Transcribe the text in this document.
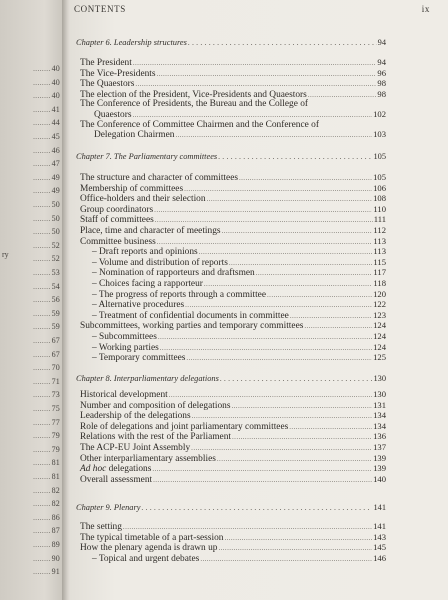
........ 40
........ 40
........ 40
........ 41
........ 44
........ 45
........ 46
........ 47
........ 49
........ 49
........ 50
........ 50
........ 50
........ 52
........ 52
........ 53
........ 54
........ 56
........ 59
........ 59
........ 67
........ 67
........ 70
........ 71
........ 73
........ 75
........ 77
........ 79
........ 79
........ 81
........ 81
........ 82
........ 82
........ 86
........ 87
........ 89
........ 90
........ 91
ry
CONTENTS	ix
Chapter 6. Leadership structures . . .	94
The President .....	94
The Vice-Presidents .....	96
The Quaestors .....	98
The election of the President, Vice-Presidents and Quaestors .....	98
The Conference of Presidents, the Bureau and the College of
Quaestors .....	102
The Conference of Committee Chairmen and the Conference of
Delegation Chairmen .....	103
Chapter 7. The Parliamentary committees . . .	105
The structure and character of committees .....	105
Membership of committees .....	106
Office-holders and their selection .....	108
Group coordinators .....	110
Staff of committees .....	111
Place, time and character of meetings .....	112
Committee business .....	113
– Draft reports and opinions .....	113
– Volume and distribution of reports .....	115
– Nomination of rapporteurs and draftsmen .....	117
– Choices facing a rapporteur .....	118
– The progress of reports through a committee .....	120
– Alternative procedures .....	122
– Treatment of confidential documents in committee .....	123
Subcommittees, working parties and temporary committees .....	124
– Subcommittees .....	124
– Working parties .....	124
– Temporary committees .....	125
Chapter 8. Interparliamentary delegations . . .	130
Historical development .....	130
Number and composition of delegations .....	131
Leadership of the delegations .....	134
Role of delegations and joint parliamentary committees .....	134
Relations with the rest of the Parliament .....	136
The ACP-EU Joint Assembly .....	137
Other interparliamentary assemblies .....	139
Ad hoc delegations .....	139
Overall assessment .....	140
Chapter 9. Plenary . . .	141
The setting .....	141
The typical timetable of a part-session .....	143
How the plenary agenda is drawn up .....	145
– Topical and urgent debates .....	146
